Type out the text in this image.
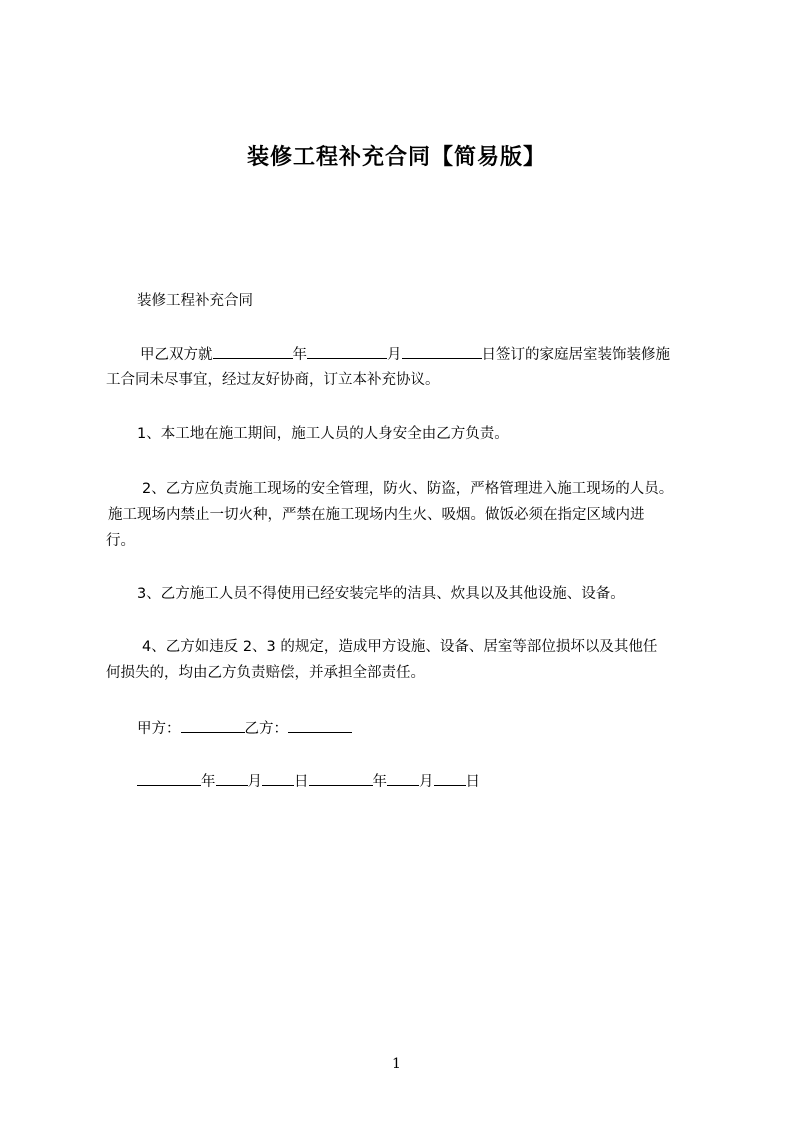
装修工程补充合同【简易版】
装修工程补充合同
甲乙双方就	年	月	日签订的家庭居室装饰装修施
工合同未尽事宜，经过友好协商，订立本补充协议。
1、本工地在施工期间，施工人员的人身安全由乙方负责。
2、乙方应负责施工现场的安全管理，防火、防盗，严格管理进入施工现场的人员。
施工现场内禁止一切火种，严禁在施工现场内生火、吸烟。做饭必须在指定区域内进
行。
3、乙方施工人员不得使用已经安装完毕的洁具、炊具以及其他设施、设备。
4、乙方如违反 2、3 的规定，造成甲方设施、设备、居室等部位损坏以及其他任
何损失的，均由乙方负责赔偿，并承担全部责任。
甲方：	乙方：
年 月 日	年 月 日
1
